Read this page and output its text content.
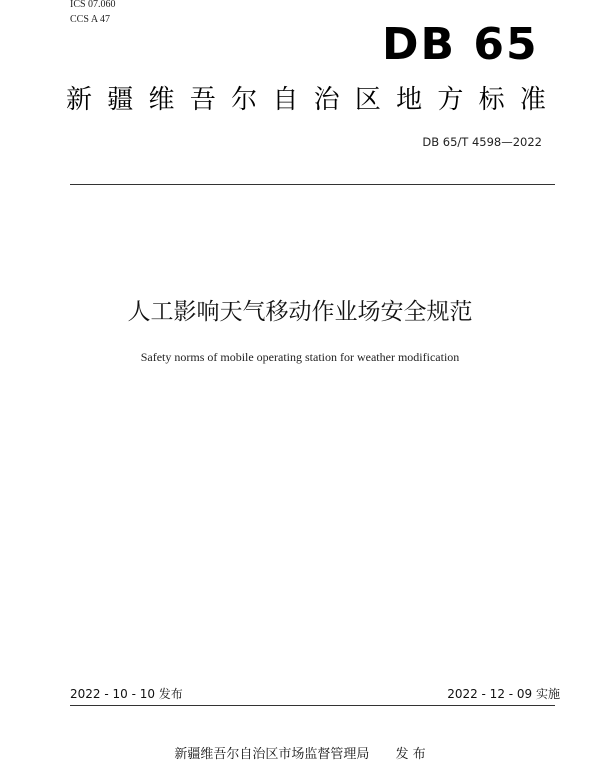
ICS 07.060
CCS A 47	DB 65
新 疆 维 吾 尔 自 治 区 地 方 标 准
DB 65/T 4598—2022
人工影响天气移动作业场安全规范
Safety norms of mobile operating station for weather modification
2022 - 10 - 10 发布	2022 - 12 - 09 实施
新疆维吾尔自治区市场监督管理局 发 布
